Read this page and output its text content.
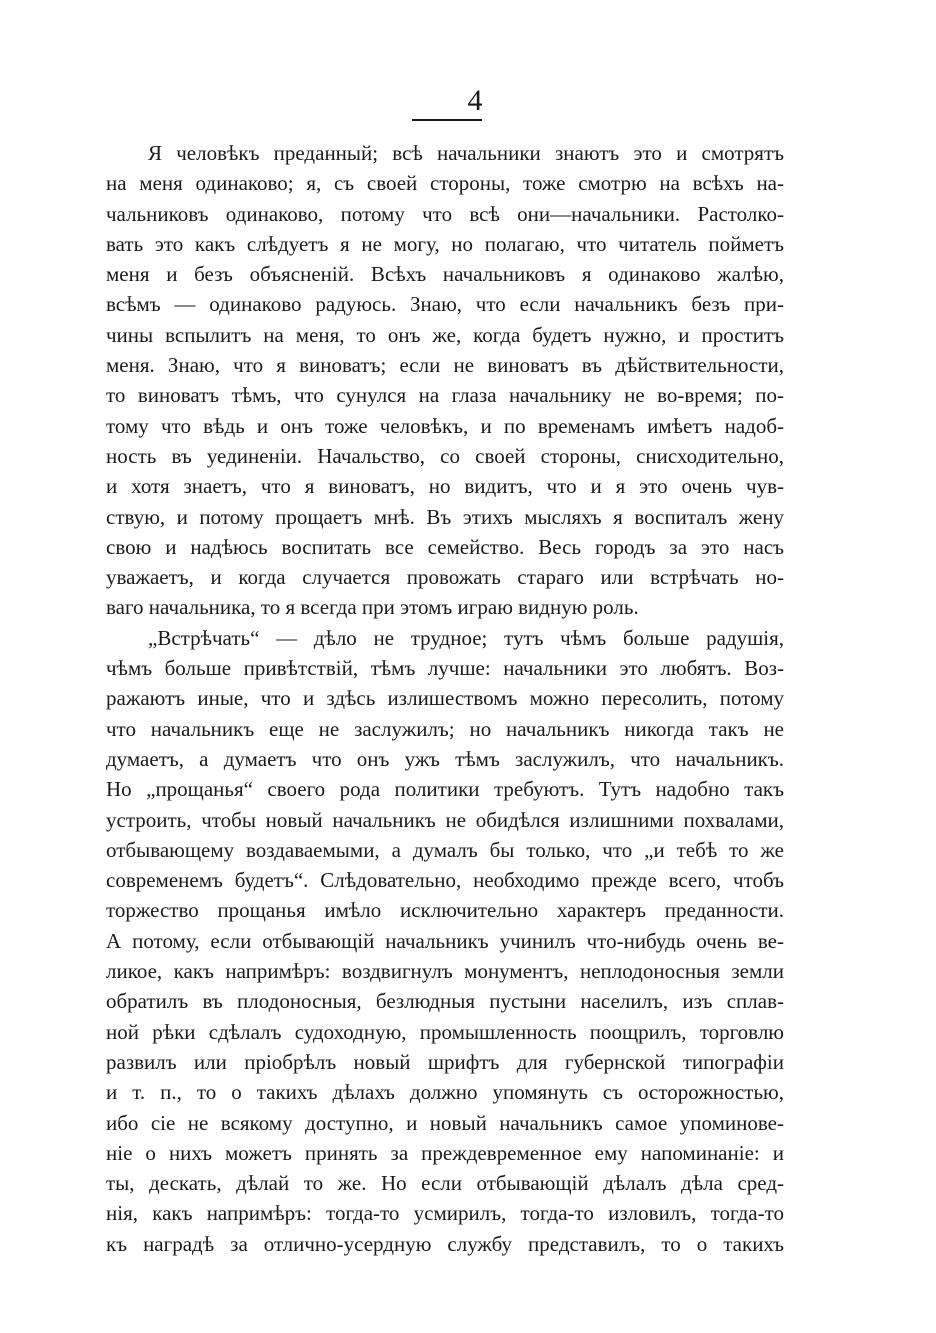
4
Я человѣкъ преданный; всѣ начальники знаютъ это и смотрятъ
на меня одинаково; я, съ своей стороны, тоже смотрю на всѣхъ на-
чальниковъ одинаково, потому что всѣ они—начальники. Растолко-
вать это какъ слѣдуетъ я не могу, но полагаю, что читатель пойметъ
меня и безъ объясненій. Всѣхъ начальниковъ я одинаково жалѣю,
всѣмъ — одинаково радуюсь. Знаю, что если начальникъ безъ при-
чины вспылитъ на меня, то онъ же, когда будетъ нужно, и проститъ
меня. Знаю, что я виноватъ; если не виноватъ въ дѣйствительности,
то виноватъ тѣмъ, что сунулся на глаза начальнику не во-время; по-
тому что вѣдь и онъ тоже человѣкъ, и по временамъ имѣетъ надоб-
ность въ уединеніи. Начальство, со своей стороны, снисходительно,
и хотя знаетъ, что я виноватъ, но видитъ, что и я это очень чув-
ствую, и потому прощаетъ мнѣ. Въ этихъ мысляхъ я воспиталъ жену
свою и надѣюсь воспитать все семейство. Весь городъ за это насъ
уважаетъ, и когда случается провожать стараго или встрѣчать но-
ваго начальника, то я всегда при этомъ играю видную роль.
„Встрѣчать“ — дѣло не трудное; тутъ чѣмъ больше радушія,
чѣмъ больше привѣтствій, тѣмъ лучше: начальники это любятъ. Воз-
ражаютъ иные, что и здѣсь излишествомъ можно пересолить, потому
что начальникъ еще не заслужилъ; но начальникъ никогда такъ не
думаетъ, а думаетъ что онъ ужъ тѣмъ заслужилъ, что начальникъ.
Но „прощанья“ своего рода политики требуютъ. Тутъ надобно такъ
устроить, чтобы новый начальникъ не обидѣлся излишними похвалами,
отбывающему воздаваемыми, а думалъ бы только, что „и тебѣ то же
современемъ будетъ“. Слѣдовательно, необходимо прежде всего, чтобъ
торжество прощанья имѣло исключительно характеръ преданности.
А потому, если отбывающій начальникъ учинилъ что-нибудь очень ве-
ликое, какъ напримѣръ: воздвигнулъ монументъ, неплодоносныя земли
обратилъ въ плодоносныя, безлюдныя пустыни населилъ, изъ сплав-
ной рѣки сдѣлалъ судоходную, промышленность поощрилъ, торговлю
развилъ или пріобрѣлъ новый шрифтъ для губернской типографіи
и т. п., то о такихъ дѣлахъ должно упомянуть съ осторожностью,
ибо сіе не всякому доступно, и новый начальникъ самое упоминове-
ніе о нихъ можетъ принять за преждевременное ему напоминаніе: и
ты, дескать, дѣлай то же. Но если отбывающій дѣлалъ дѣла сред-
нія, какъ напримѣръ: тогда-то усмирилъ, тогда-то изловилъ, тогда-то
къ наградѣ за отлично-усердную службу представилъ, то о такихъ
